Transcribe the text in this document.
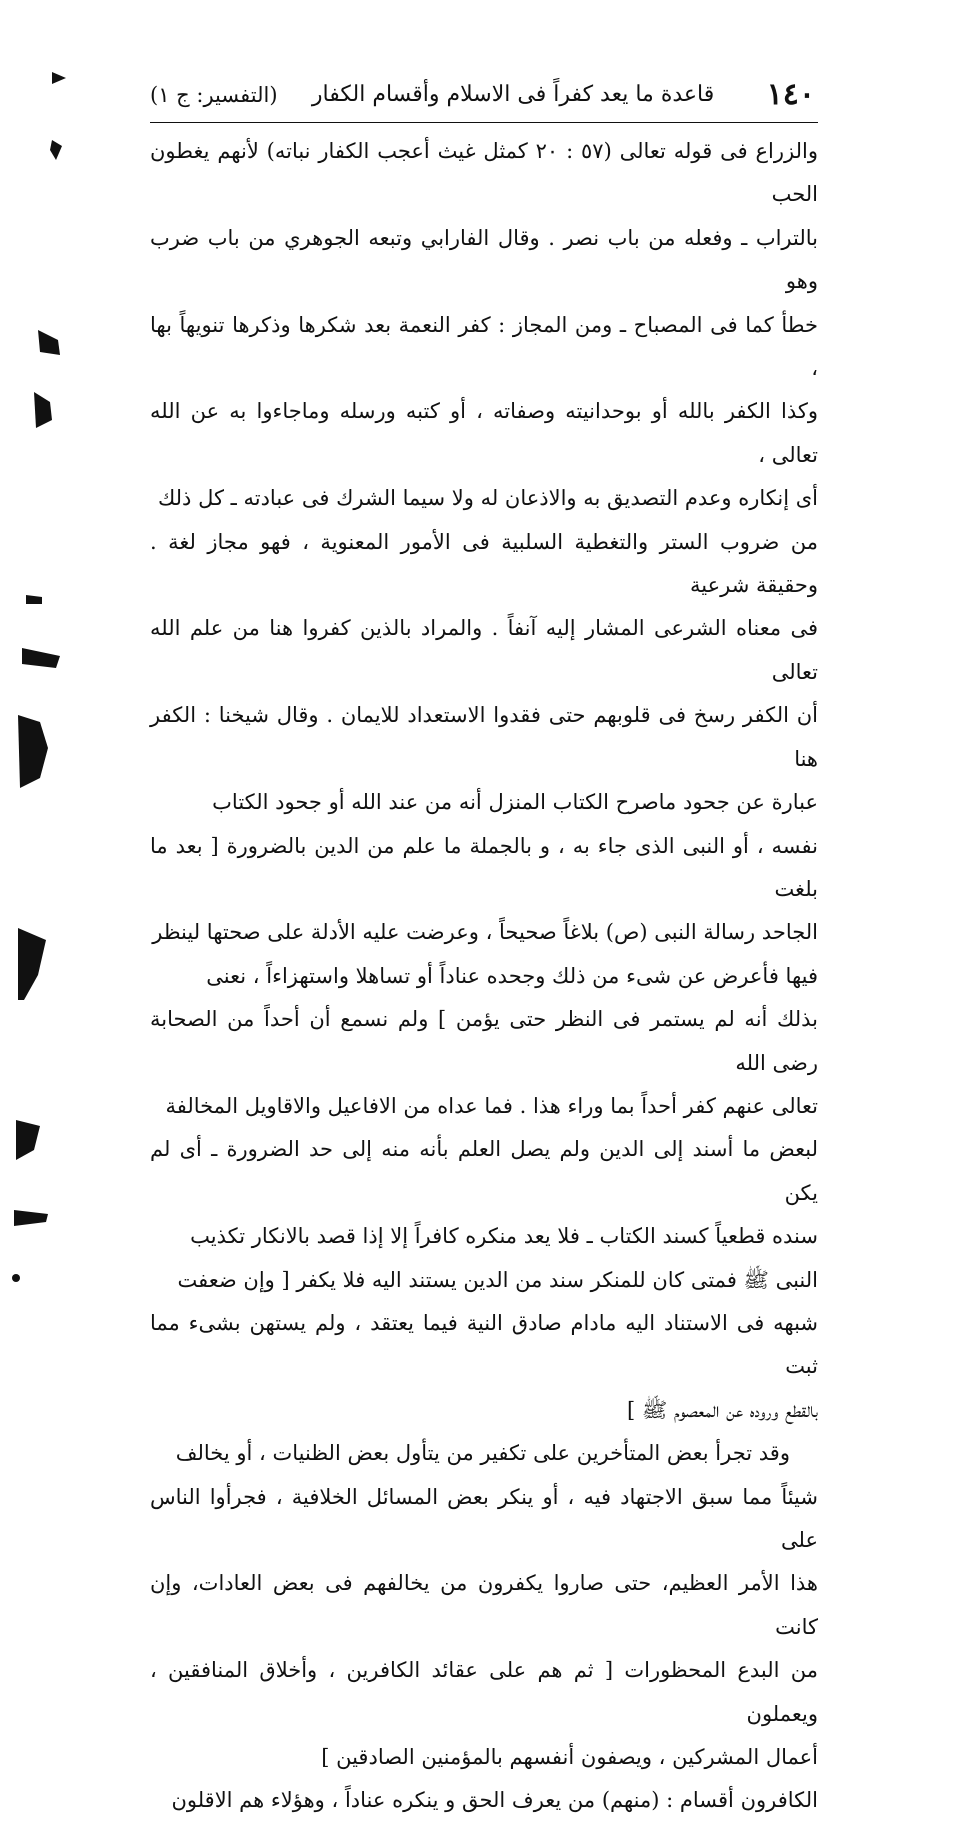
١٤٠
قاعدة ما يعد كفراً فى الاسلام وأقسام الكفار
(التفسير: ج ١)

والزراع فى قوله تعالى (٥٧ : ٢٠ كمثل غيث أعجب الكفار نباته) لأنهم يغطون الحب

بالتراب ـ وفعله من باب نصر . وقال الفارابي وتبعه الجوهري من باب ضرب وهو

خطأ كما فى المصباح ـ ومن المجاز : كفر النعمة بعد شكرها وذكرها تنويهاً بها ،

وكذا الكفر بالله أو بوحدانيته وصفاته ، أو كتبه ورسله وماجاءوا به عن الله تعالى ،

أى إنكاره وعدم التصديق به والاذعان له ولا سيما الشرك فى عبادته ـ كل ذلك

من ضروب الستر والتغطية السلبية فى الأمور المعنوية ، فهو مجاز لغة . وحقيقة شرعية

فى معناه الشرعى المشار إليه آنفاً . والمراد بالذين كفروا هنا من علم الله تعالى

أن الكفر رسخ فى قلوبهم حتى فقدوا الاستعداد للايمان . وقال شيخنا : الكفر هنا

عبارة عن جحود ماصرح الكتاب المنزل أنه من عند الله أو جحود الكتاب

نفسه ، أو النبى الذى جاء به ، و بالجملة ما علم من الدين بالضرورة [ بعد ما بلغت

الجاحد رسالة النبى (ص) بلاغاً صحيحاً ، وعرضت عليه الأدلة على صحتها لينظر

فيها فأعرض عن شىء من ذلك وجحده عناداً أو تساهلا واستهزاءاً ، نعنى

بذلك أنه لم يستمر فى النظر حتى يؤمن ] ولم نسمع أن أحداً من الصحابة رضى الله

تعالى عنهم كفر أحداً بما وراء هذا . فما عداه من الافاعيل والاقاويل المخالفة

لبعض ما أسند إلى الدين ولم يصل العلم بأنه منه إلى حد الضرورة ـ أى لم يكن

سنده قطعياً كسند الكتاب ـ فلا يعد منكره كافراً إلا إذا قصد بالانكار تكذيب

النبى ﷺ فمتى كان للمنكر سند من الدين يستند اليه فلا يكفر [ وإن ضعفت

شبهه فى الاستناد اليه مادام صادق النية فيما يعتقد ، ولم يستهن بشىء مما ثبت

بالقطع وروده عن المعصوم ﷺ ]

وقد تجرأ بعض المتأخرين على تكفير من يتأول بعض الظنيات ، أو يخالف

شيئاً مما سبق الاجتهاد فيه ، أو ينكر بعض المسائل الخلافية ، فجرأوا الناس على

هذا الأمر العظيم، حتى صاروا يكفرون من يخالفهم فى بعض العادات، وإن كانت

من البدع المحظورات [ ثم هم على عقائد الكافرين ، وأخلاق المنافقين ، ويعملون

أعمال المشركين ، ويصفون أنفسهم بالمؤمنين الصادقين ]

الكافرون أقسام : (منهم) من يعرف الحق و ينكره عناداً ، وهؤلاء هم الاقلون
